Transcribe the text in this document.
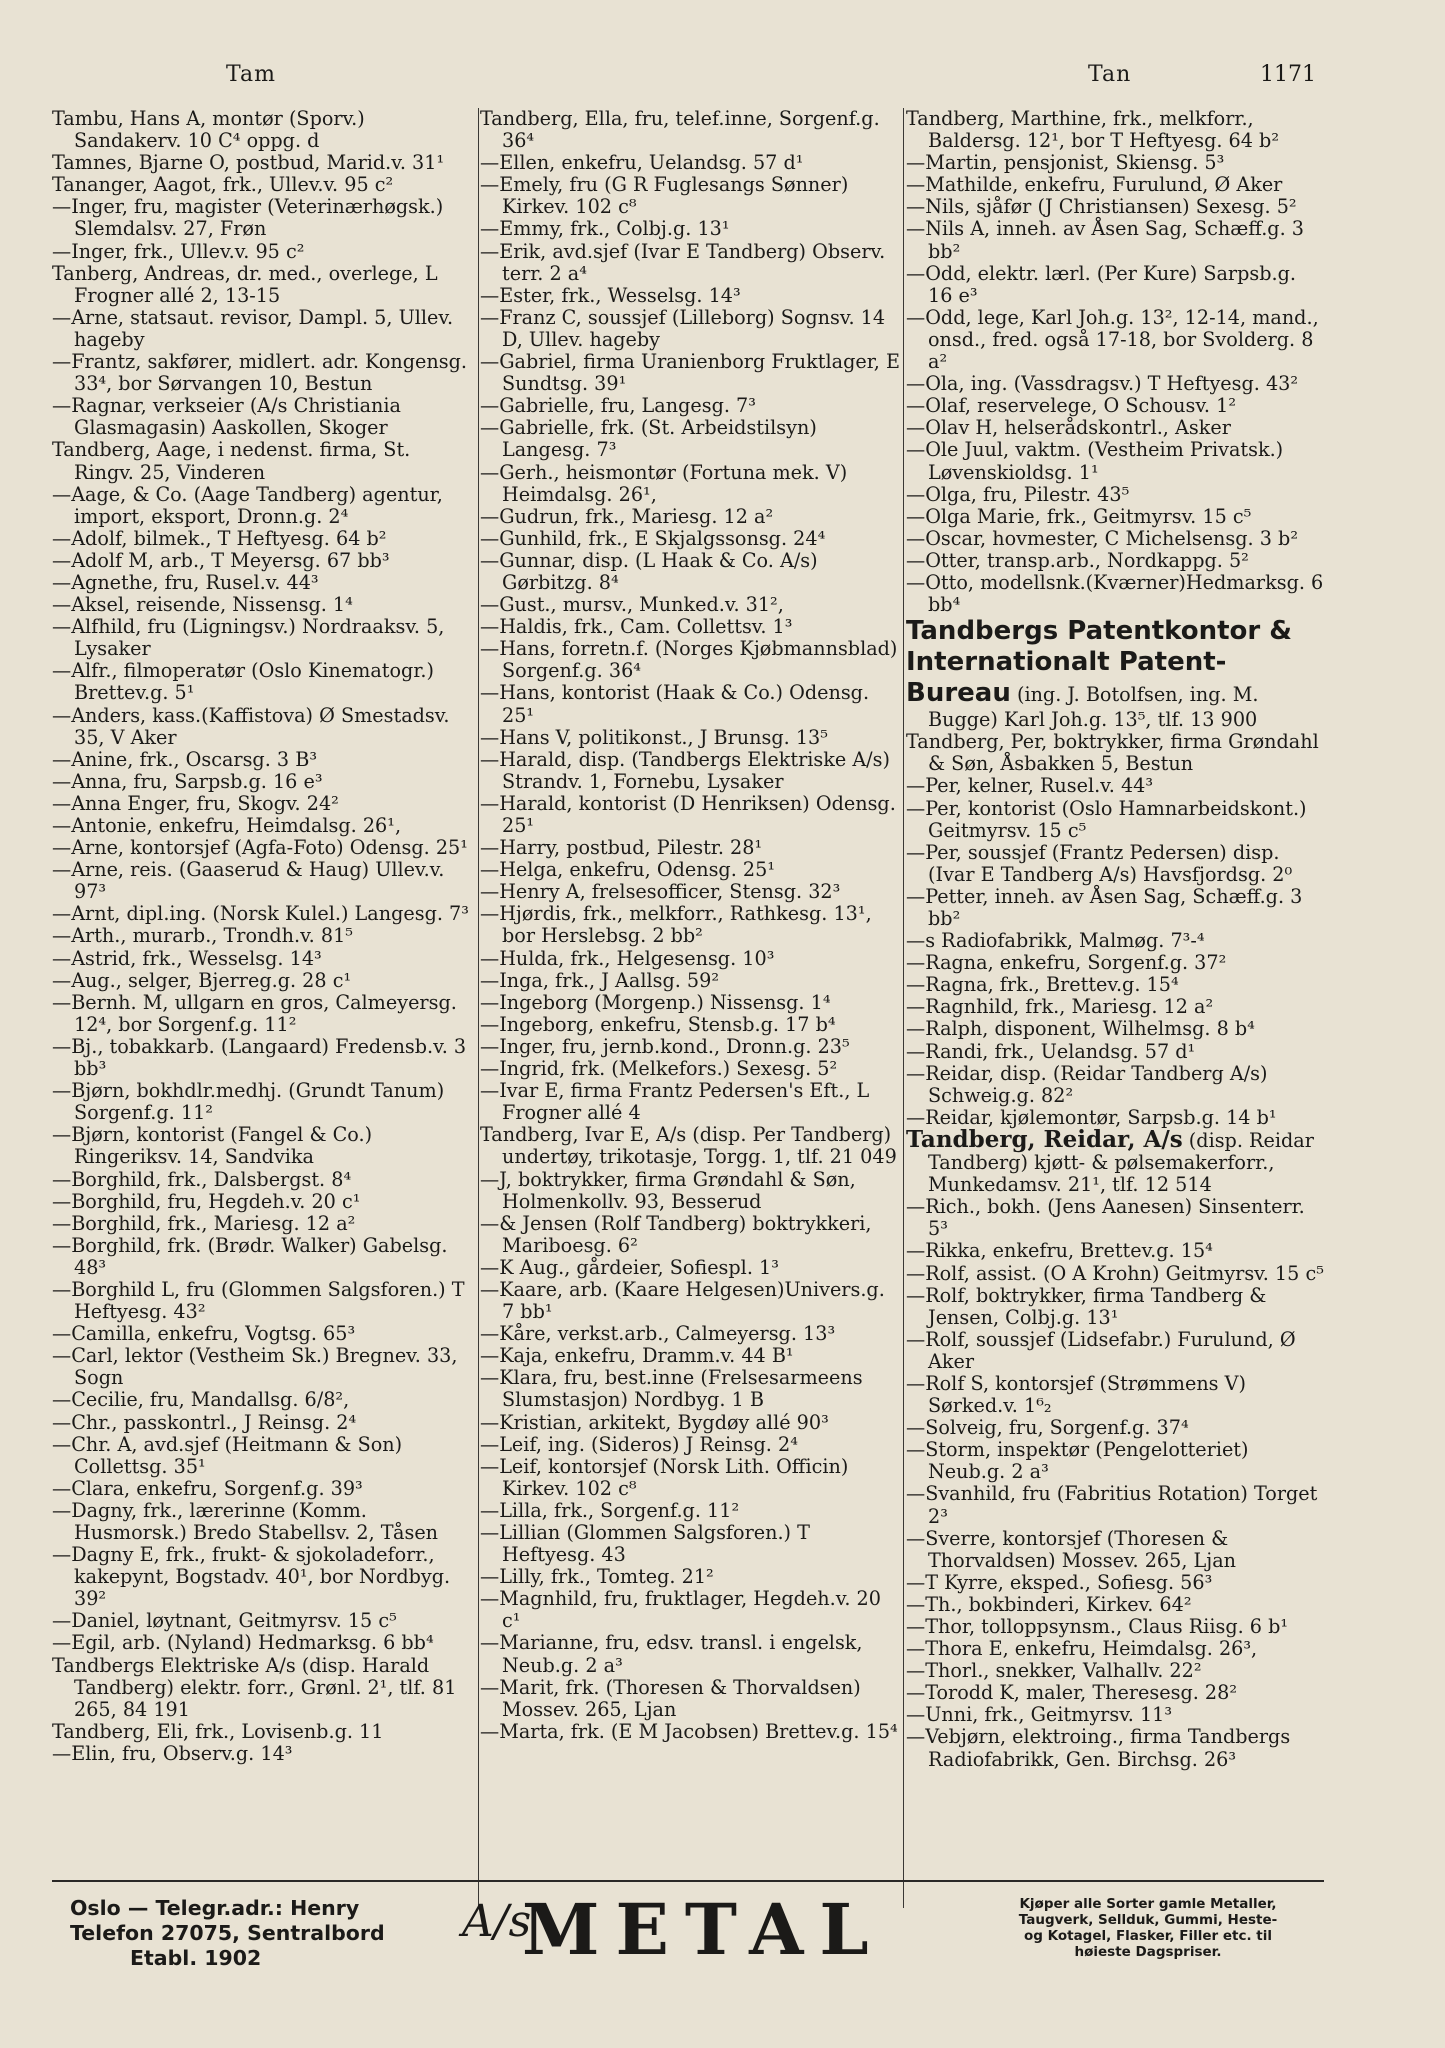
Tam	Tan	1171
Tambu, Hans A, montør (Sporv.) Sandakerv. 10 C⁴ oppg. d
Tamnes, Bjarne O, postbud, Marid.v. 31¹
Tananger, Aagot, frk., Ullev.v. 95 c²
—Inger, fru, magister (Veterinærhøgsk.) Slemdalsv. 27, Frøn
—Inger, frk., Ullev.v. 95 c²
Tanberg, Andreas, dr. med., overlege, L Frogner allé 2, 13-15
—Arne, statsaut. revisor, Dampl. 5, Ullev. hageby
—Frantz, sakfører, midlert. adr. Kongensg. 33⁴, bor Sørvangen 10, Bestun
—Ragnar, verkseier (A/s Christiania Glasmagasin) Aaskollen, Skoger
Tandberg, Aage, i nedenst. firma, St. Ringv. 25, Vinderen
—Aage, & Co. (Aage Tandberg) agentur, import, eksport, Dronn.g. 2⁴
—Adolf, bilmek., T Heftyesg. 64 b²
—Adolf M, arb., T Meyersg. 67 bb³
—Agnethe, fru, Rusel.v. 44³
—Aksel, reisende, Nissensg. 1⁴
—Alfhild, fru (Ligningsv.) Nordraaksv. 5, Lysaker
—Alfr., filmoperatør (Oslo Kinematogr.) Brettev.g. 5¹
—Anders, kass.(Kaffistova) Ø Smestadsv. 35, V Aker
—Anine, frk., Oscarsg. 3 B³
—Anna, fru, Sarpsb.g. 16 e³
—Anna Enger, fru, Skogv. 24²
—Antonie, enkefru, Heimdalsg. 26¹,
—Arne, kontorsjef (Agfa-Foto) Odensg. 25¹
—Arne, reis. (Gaaserud & Haug) Ullev.v. 97³
—Arnt, dipl.ing. (Norsk Kulel.) Langesg. 7³
—Arth., murarb., Trondh.v. 81⁵
—Astrid, frk., Wesselsg. 14³
—Aug., selger, Bjerreg.g. 28 c¹
—Bernh. M, ullgarn en gros, Calmeyersg. 12⁴, bor Sorgenf.g. 11²
—Bj., tobakkarb. (Langaard) Fredensb.v. 3 bb³
—Bjørn, bokhdlr.medhj. (Grundt Tanum) Sorgenf.g. 11²
—Bjørn, kontorist (Fangel & Co.) Ringeriksv. 14, Sandvika
—Borghild, frk., Dalsbergst. 8⁴
—Borghild, fru, Hegdeh.v. 20 c¹
—Borghild, frk., Mariesg. 12 a²
—Borghild, frk. (Brødr. Walker) Gabelsg. 48³
—Borghild L, fru (Glommen Salgsforen.) T Heftyesg. 43²
—Camilla, enkefru, Vogtsg. 65³
—Carl, lektor (Vestheim Sk.) Bregnev. 33, Sogn
—Cecilie, fru, Mandallsg. 6/8²,
—Chr., passkontrl., J Reinsg. 2⁴
—Chr. A, avd.sjef (Heitmann & Son) Collettsg. 35¹
—Clara, enkefru, Sorgenf.g. 39³
—Dagny, frk., lærerinne (Komm. Husmorsk.) Bredo Stabellsv. 2, Tåsen
—Dagny E, frk., frukt- & sjokoladeforr., kakepynt, Bogstadv. 40¹, bor Nordbyg. 39²
—Daniel, løytnant, Geitmyrsv. 15 c⁵
—Egil, arb. (Nyland) Hedmarksg. 6 bb⁴
Tandbergs Elektriske A/s (disp. Harald Tandberg) elektr. forr., Grønl. 2¹, tlf. 81 265, 84 191
Tandberg, Eli, frk., Lovisenb.g. 11
—Elin, fru, Observ.g. 14³
Tandberg, Ella, fru, telef.inne, Sorgenf.g. 36⁴
—Ellen, enkefru, Uelandsg. 57 d¹
—Emely, fru (G R Fuglesangs Sønner) Kirkev. 102 c⁸
—Emmy, frk., Colbj.g. 13¹
—Erik, avd.sjef (Ivar E Tandberg) Observ. terr. 2 a⁴
—Ester, frk., Wesselsg. 14³
—Franz C, soussjef (Lilleborg) Sognsv. 14 D, Ullev. hageby
—Gabriel, firma Uranienborg Fruktlager, E Sundtsg. 39¹
—Gabrielle, fru, Langesg. 7³
—Gabrielle, frk. (St. Arbeidstilsyn) Langesg. 7³
—Gerh., heismontør (Fortuna mek. V) Heimdalsg. 26¹,
—Gudrun, frk., Mariesg. 12 a²
—Gunhild, frk., E Skjalgssonsg. 24⁴
—Gunnar, disp. (L Haak & Co. A/s) Gørbitzg. 8⁴
—Gust., mursv., Munked.v. 31²,
—Haldis, frk., Cam. Collettsv. 1³
—Hans, forretn.f. (Norges Kjøbmannsblad) Sorgenf.g. 36⁴
—Hans, kontorist (Haak & Co.) Odensg. 25¹
—Hans V, politikonst., J Brunsg. 13⁵
—Harald, disp. (Tandbergs Elektriske A/s) Strandv. 1, Fornebu, Lysaker
—Harald, kontorist (D Henriksen) Odensg. 25¹
—Harry, postbud, Pilestr. 28¹
—Helga, enkefru, Odensg. 25¹
—Henry A, frelsesofficer, Stensg. 32³
—Hjørdis, frk., melkforr., Rathkesg. 13¹, bor Herslebsg. 2 bb²
—Hulda, frk., Helgesensg. 10³
—Inga, frk., J Aallsg. 59²
—Ingeborg (Morgenp.) Nissensg. 1⁴
—Ingeborg, enkefru, Stensb.g. 17 b⁴
—Inger, fru, jernb.kond., Dronn.g. 23⁵
—Ingrid, frk. (Melkefors.) Sexesg. 5²
—Ivar E, firma Frantz Pedersen's Eft., L Frogner allé 4
Tandberg, Ivar E, A/s (disp. Per Tandberg) undertøy, trikotasje, Torgg. 1, tlf. 21 049
—J, boktrykker, firma Grøndahl & Søn, Holmenkollv. 93, Besserud
—& Jensen (Rolf Tandberg) boktrykkeri, Mariboesg. 6²
—K Aug., gårdeier, Sofiespl. 1³
—Kaare, arb. (Kaare Helgesen)Univers.g. 7 bb¹
—Kåre, verkst.arb., Calmeyersg. 13³
—Kaja, enkefru, Dramm.v. 44 B¹
—Klara, fru, best.inne (Frelsesarmeens Slumstasjon) Nordbyg. 1 B
—Kristian, arkitekt, Bygdøy allé 90³
—Leif, ing. (Sideros) J Reinsg. 2⁴
—Leif, kontorsjef (Norsk Lith. Officin) Kirkev. 102 c⁸
—Lilla, frk., Sorgenf.g. 11²
—Lillian (Glommen Salgsforen.) T Heftyesg. 43
—Lilly, frk., Tomteg. 21²
—Magnhild, fru, fruktlager, Hegdeh.v. 20 c¹
—Marianne, fru, edsv. transl. i engelsk, Neub.g. 2 a³
—Marit, frk. (Thoresen & Thorvaldsen) Mossev. 265, Ljan
—Marta, frk. (E M Jacobsen) Brettev.g. 15⁴
Tandberg, Marthine, frk., melkforr., Baldersg. 12¹, bor T Heftyesg. 64 b²
—Martin, pensjonist, Skiensg. 5³
—Mathilde, enkefru, Furulund, Ø Aker
—Nils, sjåfør (J Christiansen) Sexesg. 5²
—Nils A, inneh. av Åsen Sag, Schæff.g. 3 bb²
—Odd, elektr. lærl. (Per Kure) Sarpsb.g. 16 e³
—Odd, lege, Karl Joh.g. 13², 12-14, mand., onsd., fred. også 17-18, bor Svolderg. 8 a²
—Ola, ing. (Vassdragsv.) T Heftyesg. 43²
—Olaf, reservelege, O Schousv. 1²
—Olav H, helserådskontrl., Asker
—Ole Juul, vaktm. (Vestheim Privatsk.) Løvenskioldsg. 1¹
—Olga, fru, Pilestr. 43⁵
—Olga Marie, frk., Geitmyrsv. 15 c⁵
—Oscar, hovmester, C Michelsensg. 3 b²
—Otter, transp.arb., Nordkappg. 5²
—Otto, modellsnk.(Kværner)Hedmarksg. 6 bb⁴
Tandbergs Patentkontor &
Internationalt Patent-
Bureau (ing. J. Botolfsen, ing. M. Bugge) Karl Joh.g. 13⁵, tlf. 13 900
Tandberg, Per, boktrykker, firma Grøndahl & Søn, Åsbakken 5, Bestun
—Per, kelner, Rusel.v. 44³
—Per, kontorist (Oslo Hamnarbeidskont.) Geitmyrsv. 15 c⁵
—Per, soussjef (Frantz Pedersen) disp. (Ivar E Tandberg A/s) Havsfjordsg. 2⁰
—Petter, inneh. av Åsen Sag, Schæff.g. 3 bb²
—s Radiofabrikk, Malmøg. 7³-⁴
—Ragna, enkefru, Sorgenf.g. 37²
—Ragna, frk., Brettev.g. 15⁴
—Ragnhild, frk., Mariesg. 12 a²
—Ralph, disponent, Wilhelmsg. 8 b⁴
—Randi, frk., Uelandsg. 57 d¹
—Reidar, disp. (Reidar Tandberg A/s) Schweig.g. 82²
—Reidar, kjølemontør, Sarpsb.g. 14 b¹
Tandberg, Reidar, A/s (disp. Reidar Tandberg) kjøtt- & pølsemakerforr., Munkedamsv. 21¹, tlf. 12 514
—Rich., bokh. (Jens Aanesen) Sinsenterr. 5³
—Rikka, enkefru, Brettev.g. 15⁴
—Rolf, assist. (O A Krohn) Geitmyrsv. 15 c⁵
—Rolf, boktrykker, firma Tandberg & Jensen, Colbj.g. 13¹
—Rolf, soussjef (Lidsefabr.) Furulund, Ø Aker
—Rolf S, kontorsjef (Strømmens V) Sørked.v. 1⁶₂
—Solveig, fru, Sorgenf.g. 37⁴
—Storm, inspektør (Pengelotteriet) Neub.g. 2 a³
—Svanhild, fru (Fabritius Rotation) Torget 2³
—Sverre, kontorsjef (Thoresen & Thorvaldsen) Mossev. 265, Ljan
—T Kyrre, eksped., Sofiesg. 56³
—Th., bokbinderi, Kirkev. 64²
—Thor, tolloppsynsm., Claus Riisg. 6 b¹
—Thora E, enkefru, Heimdalsg. 26³,
—Thorl., snekker, Valhallv. 22²
—Torodd K, maler, Theresesg. 28²
—Unni, frk., Geitmyrsv. 11³
—Vebjørn, elektroing., firma Tandbergs Radiofabrikk, Gen. Birchsg. 26³
Oslo — Telegr.adr.: Henry
Telefon 27075, Sentralbord
Etabl. 1902
A/s
METAL	Kjøper alle Sorter gamle Metaller,
Taugverk, Sellduk, Gummi, Heste-
og Kotagel, Flasker, Filler etc. til
høieste Dagspriser.
